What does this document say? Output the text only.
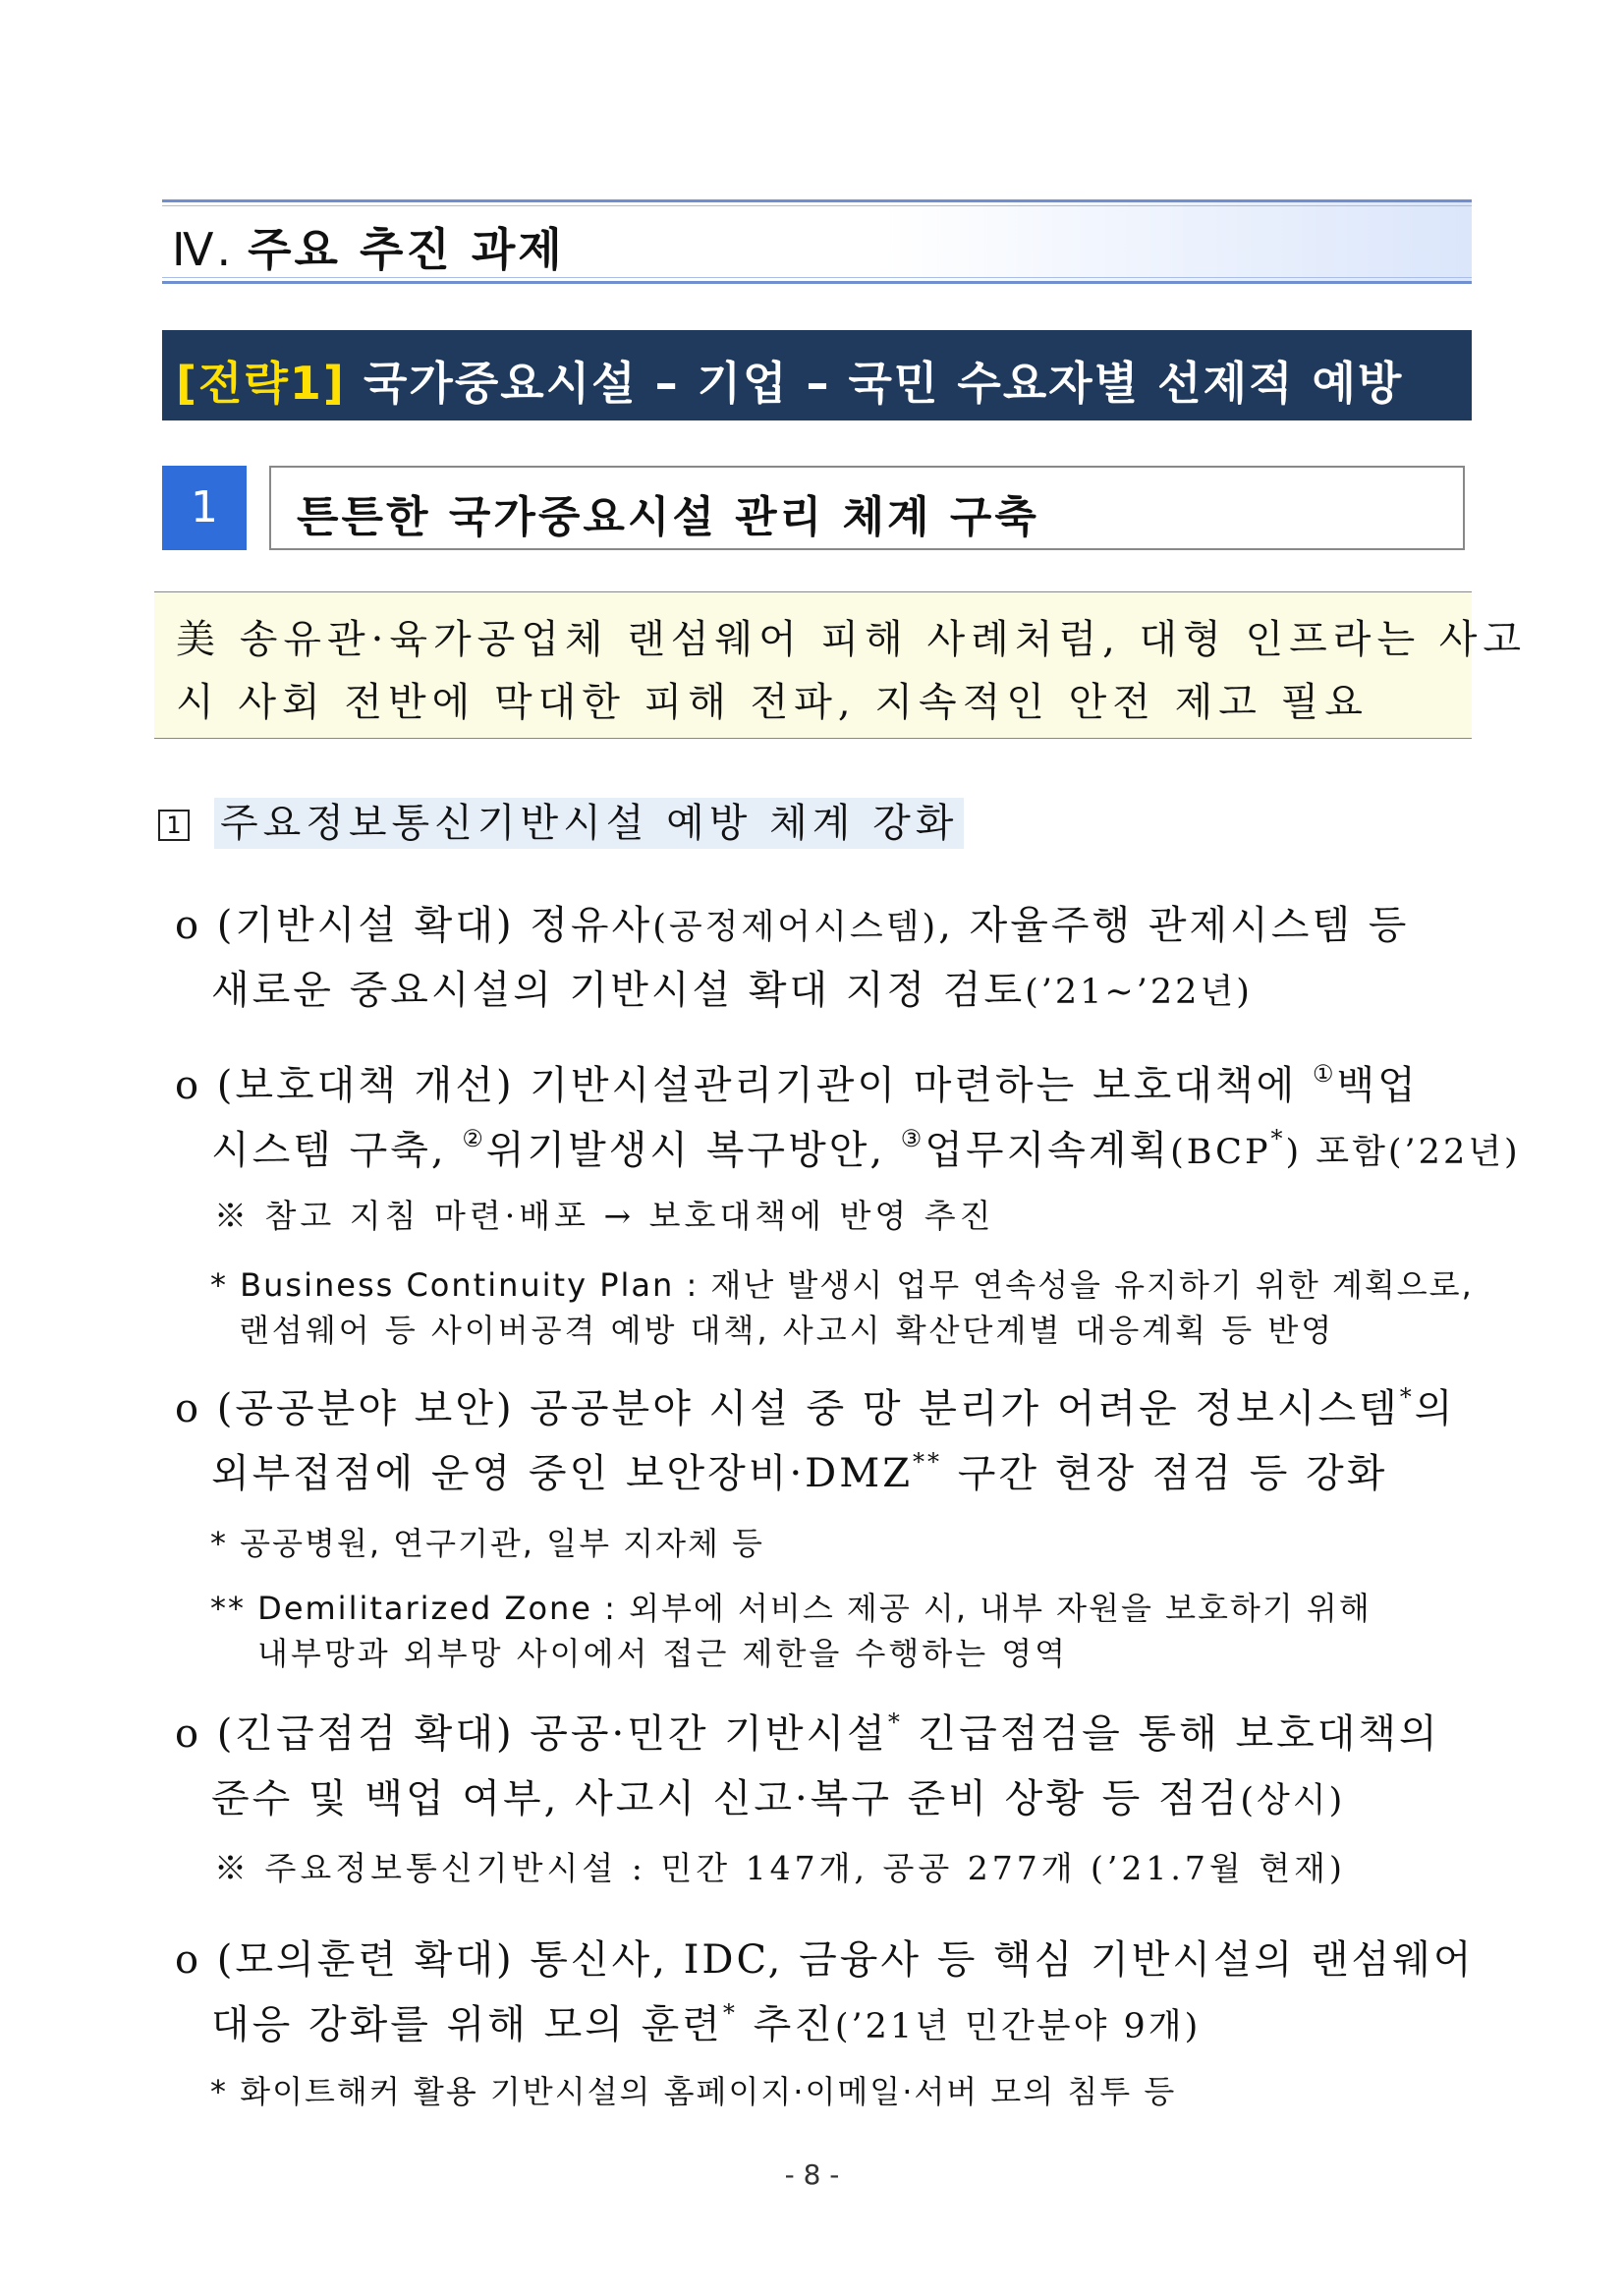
Ⅳ. 주요 추진 과제
[전략1] 국가중요시설 – 기업 – 국민 수요자별 선제적 예방
1	튼튼한 국가중요시설 관리 체계 구축
美 송유관·육가공업체 랜섬웨어 피해 사례처럼, 대형 인프라는 사고
시 사회 전반에 막대한 피해 전파, 지속적인 안전 제고 필요
1 주요정보통신기반시설 예방 체계 강화
o (기반시설 확대) 정유사(공정제어시스템), 자율주행 관제시스템 등
새로운 중요시설의 기반시설 확대 지정 검토(’21~’22년)
o (보호대책 개선) 기반시설관리기관이 마련하는 보호대책에 ①백업
시스템 구축, ②위기발생시 복구방안, ③업무지속계획(BCP*) 포함(’22년)
※ 참고 지침 마련·배포 → 보호대책에 반영 추진
* Business Continuity Plan : 재난 발생시 업무 연속성을 유지하기 위한 계획으로,
랜섬웨어 등 사이버공격 예방 대책, 사고시 확산단계별 대응계획 등 반영
o (공공분야 보안) 공공분야 시설 중 망 분리가 어려운 정보시스템*의
외부접점에 운영 중인 보안장비·DMZ** 구간 현장 점검 등 강화
* 공공병원, 연구기관, 일부 지자체 등
** Demilitarized Zone : 외부에 서비스 제공 시, 내부 자원을 보호하기 위해
내부망과 외부망 사이에서 접근 제한을 수행하는 영역
o (긴급점검 확대) 공공·민간 기반시설* 긴급점검을 통해 보호대책의
준수 및 백업 여부, 사고시 신고·복구 준비 상황 등 점검(상시)
※ 주요정보통신기반시설 : 민간 147개, 공공 277개 (’21.7월 현재)
o (모의훈련 확대) 통신사, IDC, 금융사 등 핵심 기반시설의 랜섬웨어
대응 강화를 위해 모의 훈련* 추진(’21년 민간분야 9개)
* 화이트해커 활용 기반시설의 홈페이지·이메일·서버 모의 침투 등
- 8 -
